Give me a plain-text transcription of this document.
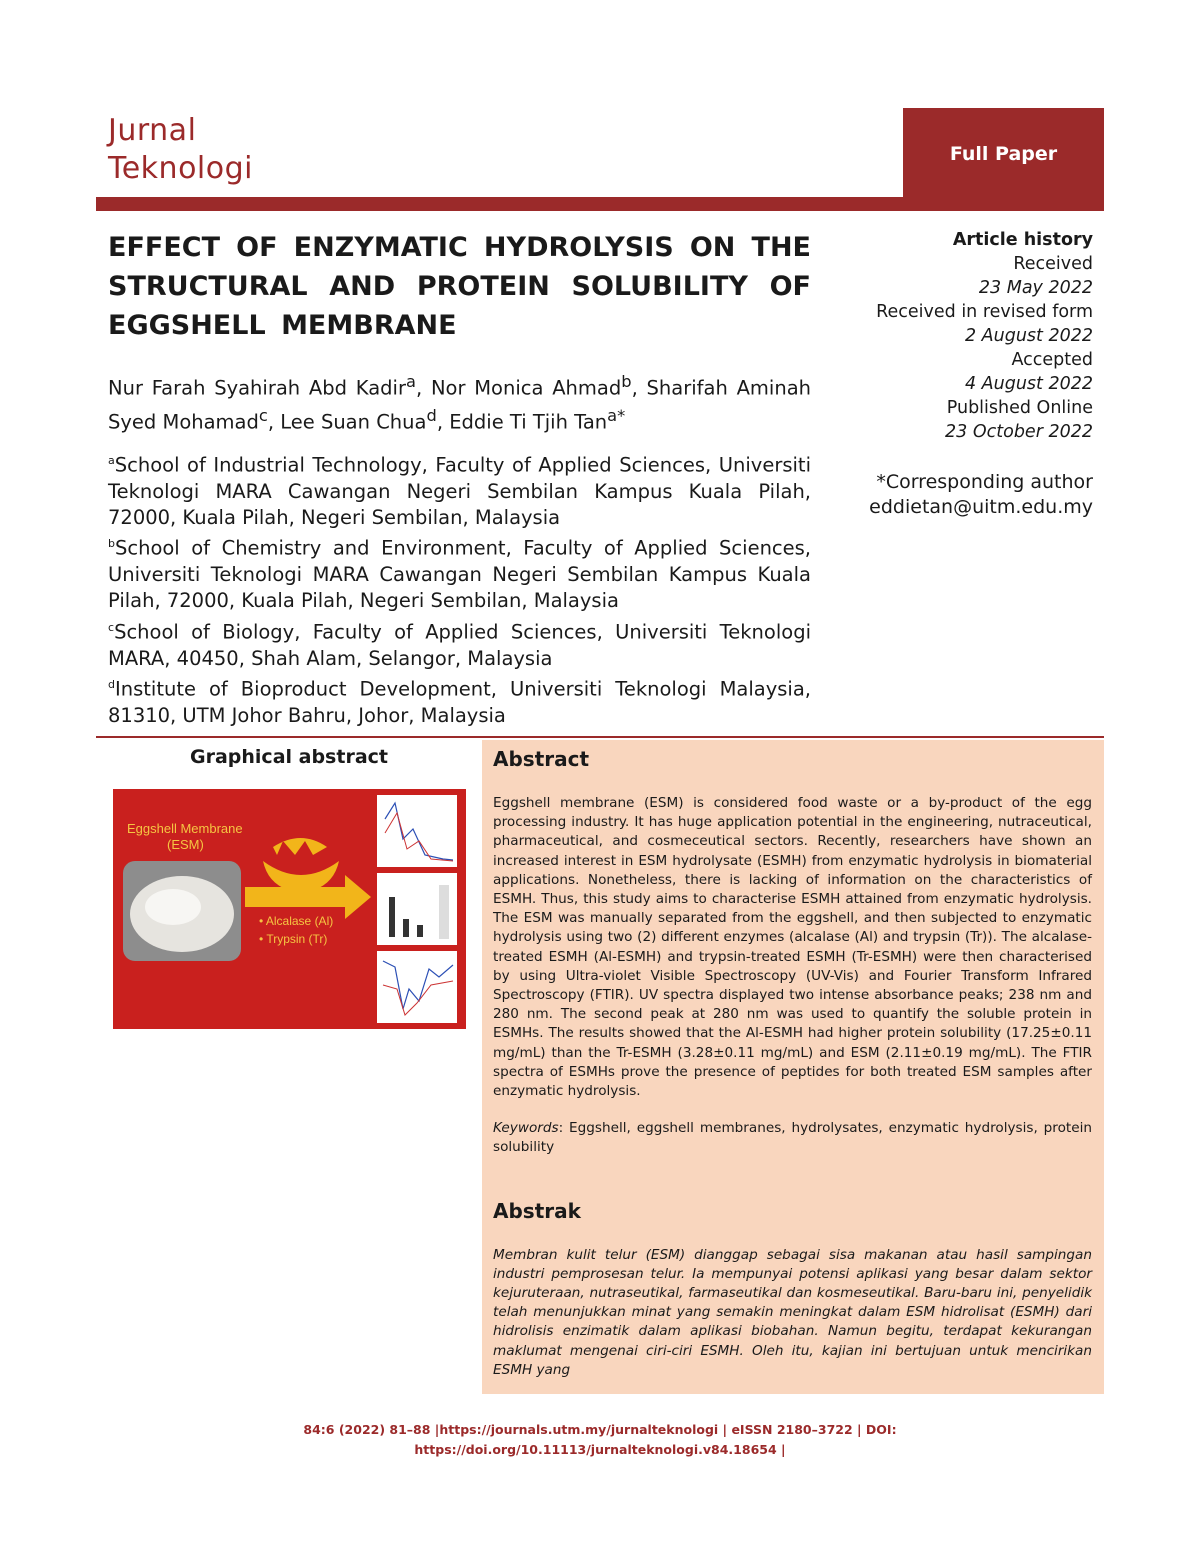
Jurnal
Teknologi	Full Paper
EFFECT OF ENZYMATIC HYDROLYSIS ON THE STRUCTURAL AND PROTEIN SOLUBILITY OF EGGSHELL MEMBRANE
Nur Farah Syahirah Abd Kadir$^a$, Nor Monica Ahmad$^b$, Sharifah Aminah Syed Mohamad$^c$, Lee Suan Chua$^d$, Eddie Ti Tjih Tan$^{a*}$

$^a$School of Industrial Technology, Faculty of Applied Sciences, Universiti Teknologi MARA Cawangan Negeri Sembilan Kampus Kuala Pilah, 72000, Kuala Pilah, Negeri Sembilan, Malaysia

$^b$School of Chemistry and Environment, Faculty of Applied Sciences, Universiti Teknologi MARA Cawangan Negeri Sembilan Kampus Kuala Pilah, 72000, Kuala Pilah, Negeri Sembilan, Malaysia

$^c$School of Biology, Faculty of Applied Sciences, Universiti Teknologi MARA, 40450, Shah Alam, Selangor, Malaysia

$^d$Institute of Bioproduct Development, Universiti Teknologi Malaysia, 81310, UTM Johor Bahru, Johor, Malaysia

Article history
Received
23 May 2022
Received in revised form
2 August 2022
Accepted
4 August 2022
Published Online
23 October 2022
*Corresponding author
eddietan@uitm.edu.my
Graphical abstract
Eggshell Membrane
(ESM)
• Alcalase (Al)
• Trypsin (Tr)
Abstract

Eggshell membrane (ESM) is considered food waste or a by-product of the egg processing industry. It has huge application potential in the engineering, nutraceutical, pharmaceutical, and cosmeceutical sectors. Recently, researchers have shown an increased interest in ESM hydrolysate (ESMH) from enzymatic hydrolysis in biomaterial applications. Nonetheless, there is lacking of information on the characteristics of ESMH. Thus, this study aims to characterise ESMH attained from enzymatic hydrolysis. The ESM was manually separated from the eggshell, and then subjected to enzymatic hydrolysis using two (2) different enzymes (alcalase (Al) and trypsin (Tr)). The alcalase-treated ESMH (Al-ESMH) and trypsin-treated ESMH (Tr-ESMH) were then characterised by using Ultra-violet Visible Spectroscopy (UV-Vis) and Fourier Transform Infrared Spectroscopy (FTIR). UV spectra displayed two intense absorbance peaks; 238 nm and 280 nm. The second peak at 280 nm was used to quantify the soluble protein in ESMHs. The results showed that the Al-ESMH had higher protein solubility (17.25±0.11 mg/mL) than the Tr-ESMH (3.28±0.11 mg/mL) and ESM (2.11±0.19 mg/mL). The FTIR spectra of ESMHs prove the presence of peptides for both treated ESM samples after enzymatic hydrolysis.

Keywords: Eggshell, eggshell membranes, hydrolysates, enzymatic hydrolysis, protein solubility

Abstrak

Membran kulit telur (ESM) dianggap sebagai sisa makanan atau hasil sampingan industri pemprosesan telur. Ia mempunyai potensi aplikasi yang besar dalam sektor kejuruteraan, nutraseutikal, farmaseutikal dan kosmeseutikal. Baru-baru ini, penyelidik telah menunjukkan minat yang semakin meningkat dalam ESM hidrolisat (ESMH) dari hidrolisis enzimatik dalam aplikasi biobahan. Namun begitu, terdapat kekurangan maklumat mengenai ciri-ciri ESMH. Oleh itu, kajian ini bertujuan untuk mencirikan ESMH yang

84:6 (2022) 81–88 |https://journals.utm.my/jurnalteknologi | eISSN 2180–3722 | DOI:
https://doi.org/10.11113/jurnalteknologi.v84.18654 |
